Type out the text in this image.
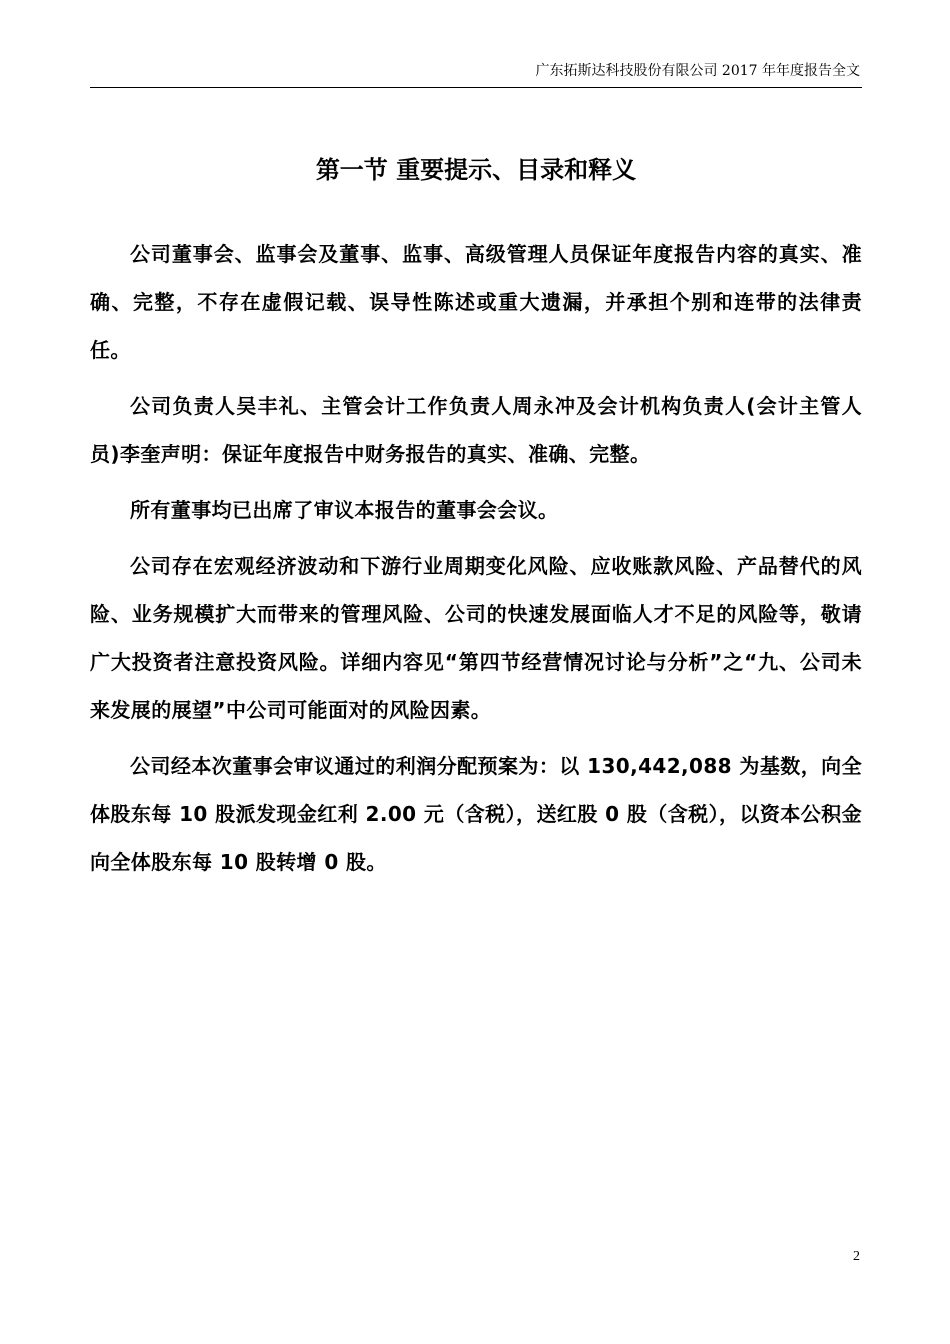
广东拓斯达科技股份有限公司 2017 年年度报告全文
第一节 重要提示、目录和释义

公司董事会、监事会及董事、监事、高级管理人员保证年度报告内容的真实、准确、完整，不存在虚假记载、误导性陈述或重大遗漏，并承担个别和连带的法律责任。

公司负责人吴丰礼、主管会计工作负责人周永冲及会计机构负责人(会计主管人员)李奎声明：保证年度报告中财务报告的真实、准确、完整。

所有董事均已出席了审议本报告的董事会会议。

公司存在宏观经济波动和下游行业周期变化风险、应收账款风险、产品替代的风险、业务规模扩大而带来的管理风险、公司的快速发展面临人才不足的风险等，敬请广大投资者注意投资风险。详细内容见“第四节经营情况讨论与分析”之“九、公司未来发展的展望”中公司可能面对的风险因素。

公司经本次董事会审议通过的利润分配预案为：以 130,442,088 为基数，向全体股东每 10 股派发现金红利 2.00 元（含税），送红股 0 股（含税），以资本公积金向全体股东每 10 股转增 0 股。

2
